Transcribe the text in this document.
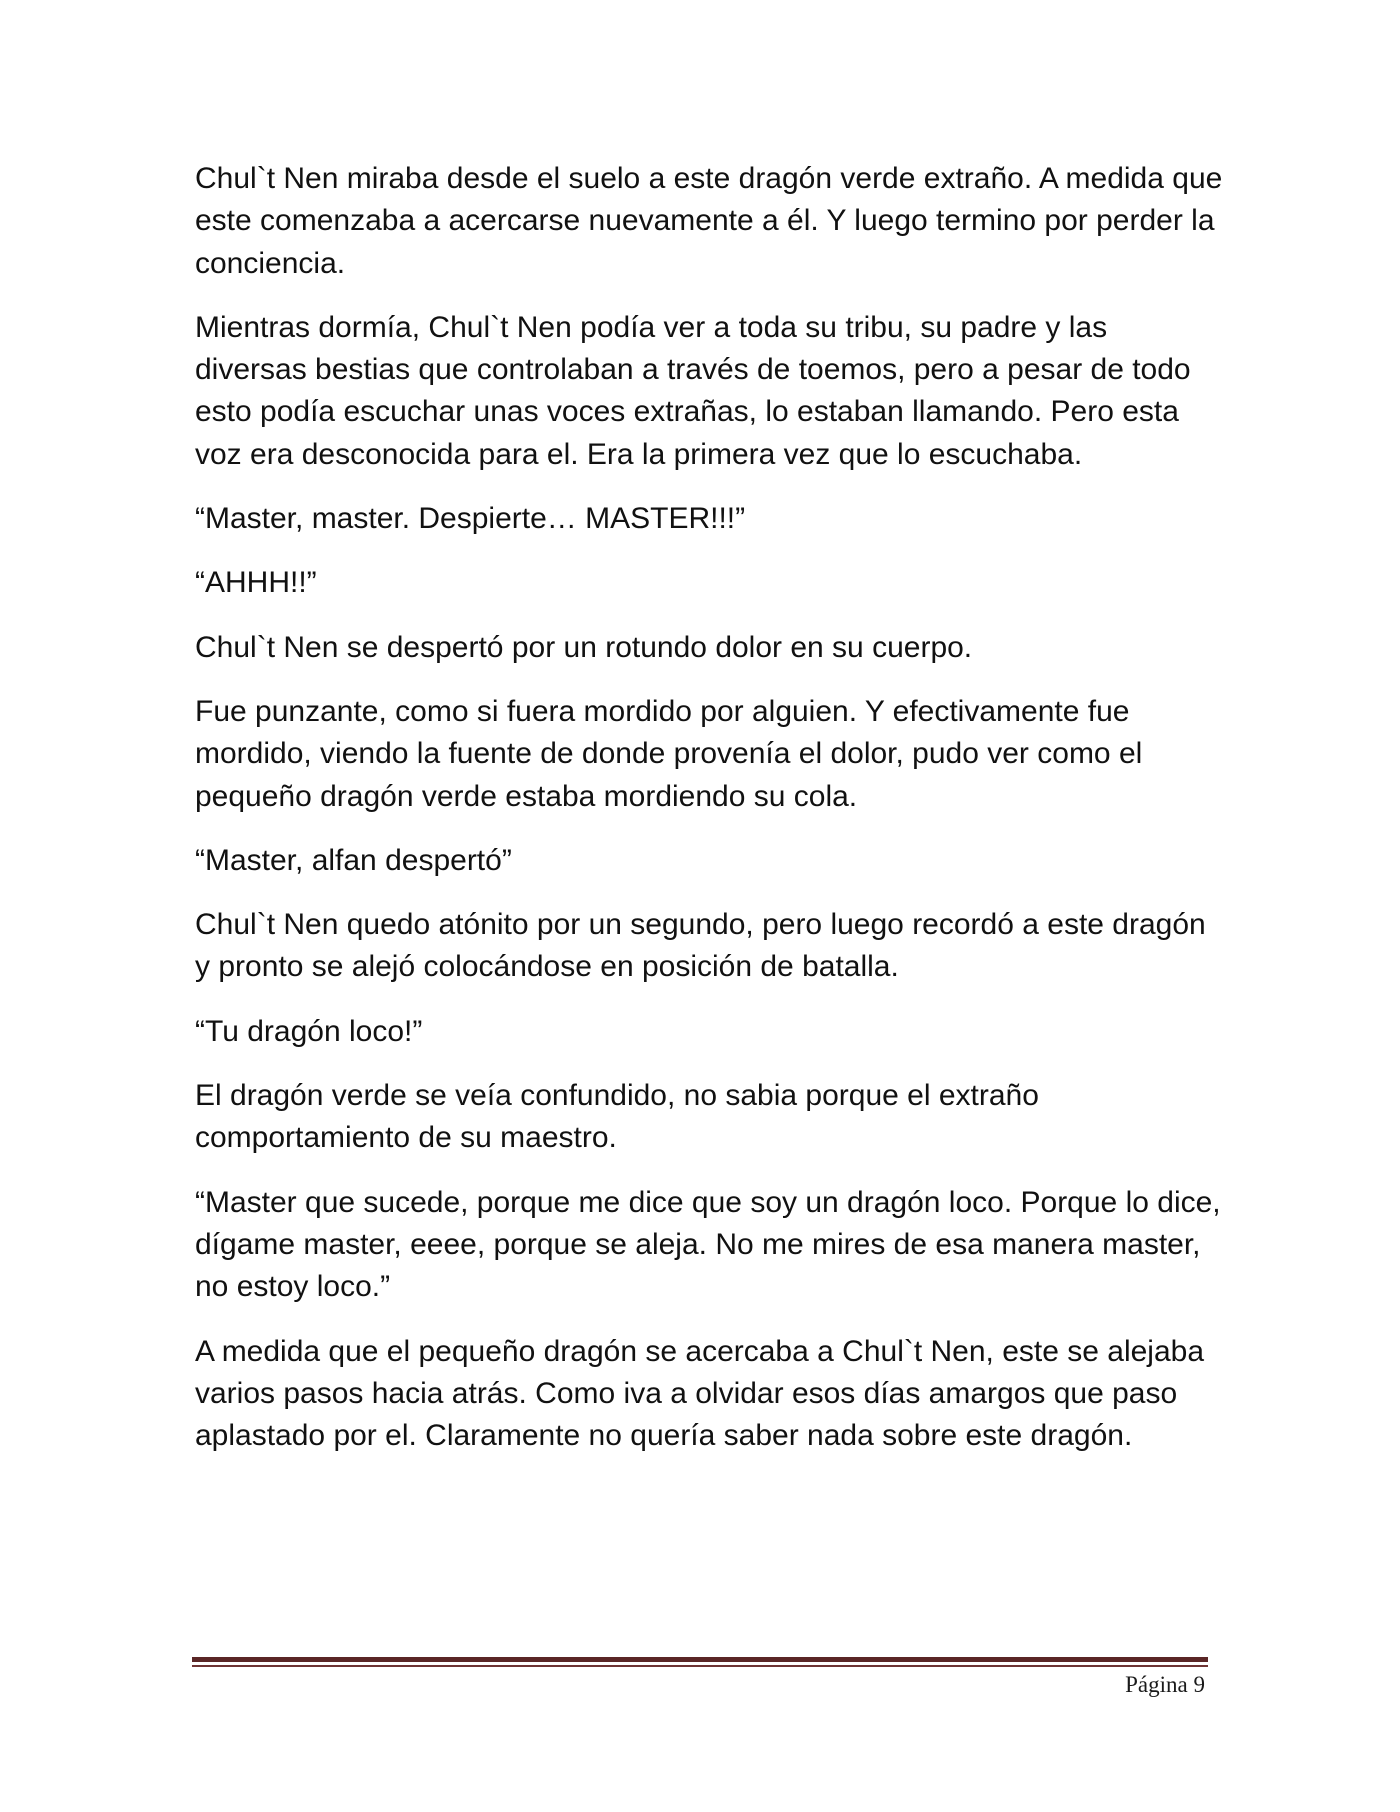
Chul`t Nen miraba desde el suelo a este dragón verde extraño. A medida que este comenzaba a acercarse nuevamente a él. Y luego termino por perder la conciencia.

Mientras dormía, Chul`t Nen podía ver a toda su tribu, su padre y las diversas bestias que controlaban a través de toemos, pero a pesar de todo esto podía escuchar unas voces extrañas, lo estaban llamando. Pero esta voz era desconocida para el. Era la primera vez que lo escuchaba.

“Master, master. Despierte… MASTER!!!”

“AHHH!!”

Chul`t Nen se despertó por un rotundo dolor en su cuerpo.

Fue punzante, como si fuera mordido por alguien. Y efectivamente fue mordido, viendo la fuente de donde provenía el dolor, pudo ver como el pequeño dragón verde estaba mordiendo su cola.

“Master, alfan despertó”

Chul`t Nen quedo atónito por un segundo, pero luego recordó a este dragón y pronto se alejó colocándose en posición de batalla.

“Tu dragón loco!”

El dragón verde se veía confundido, no sabia porque el extraño comportamiento de su maestro.

“Master que sucede, porque me dice que soy un dragón loco. Porque lo dice, dígame master, eeee, porque se aleja. No me mires de esa manera master, no estoy loco.”

A medida que el pequeño dragón se acercaba a Chul`t Nen, este se alejaba varios pasos hacia atrás. Como iva a olvidar esos días amargos que paso aplastado por el. Claramente no quería saber nada sobre este dragón.

Página 9
